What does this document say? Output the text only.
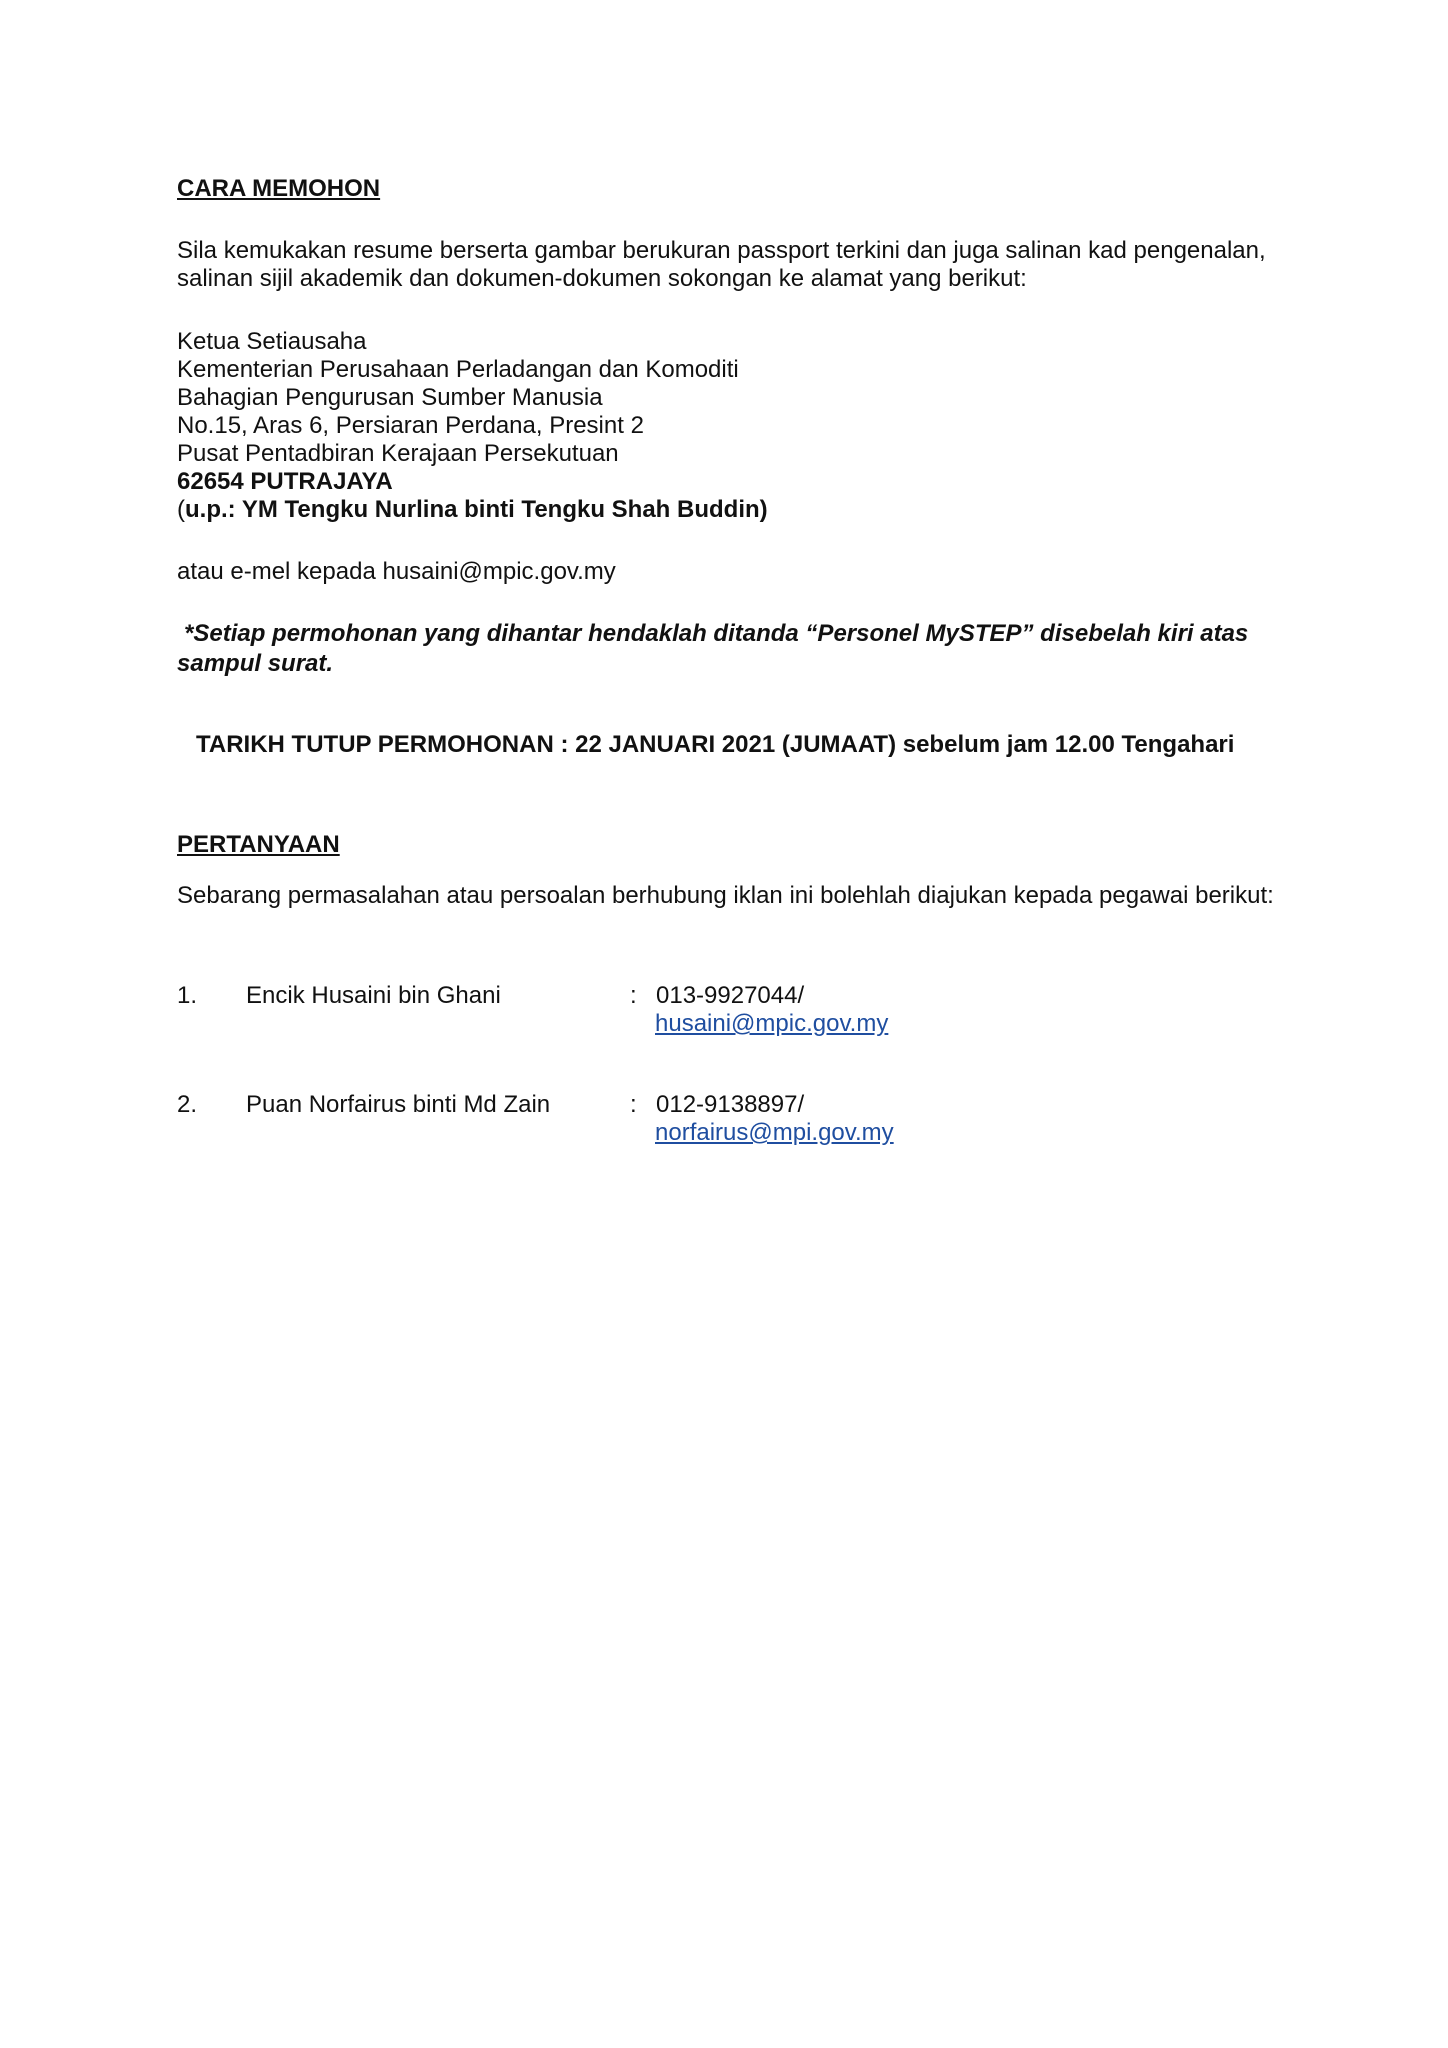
CARA MEMOHON
Sila kemukakan resume berserta gambar berukuran passport terkini dan juga salinan kad pengenalan,
salinan sijil akademik dan dokumen-dokumen sokongan ke alamat yang berikut:
Ketua Setiausaha
Kementerian Perusahaan Perladangan dan Komoditi
Bahagian Pengurusan Sumber Manusia
No.15, Aras 6, Persiaran Perdana, Presint 2
Pusat Pentadbiran Kerajaan Persekutuan
62654 PUTRAJAYA
(u.p.: YM Tengku Nurlina binti Tengku Shah Buddin)
atau e-mel kepada husaini@mpic.gov.my
*Setiap permohonan yang dihantar hendaklah ditanda “Personel MySTEP” disebelah kiri atas
sampul surat.
TARIKH TUTUP PERMOHONAN : 22 JANUARI 2021 (JUMAAT) sebelum jam 12.00 Tengahari
PERTANYAAN
Sebarang permasalahan atau persoalan berhubung iklan ini bolehlah diajukan kepada pegawai berikut:
1. Encik Husaini bin Ghani	: 013-9927044/
husaini@mpic.gov.my
2. Puan Norfairus binti Md Zain	: 012-9138897/
norfairus@mpi.gov.my
